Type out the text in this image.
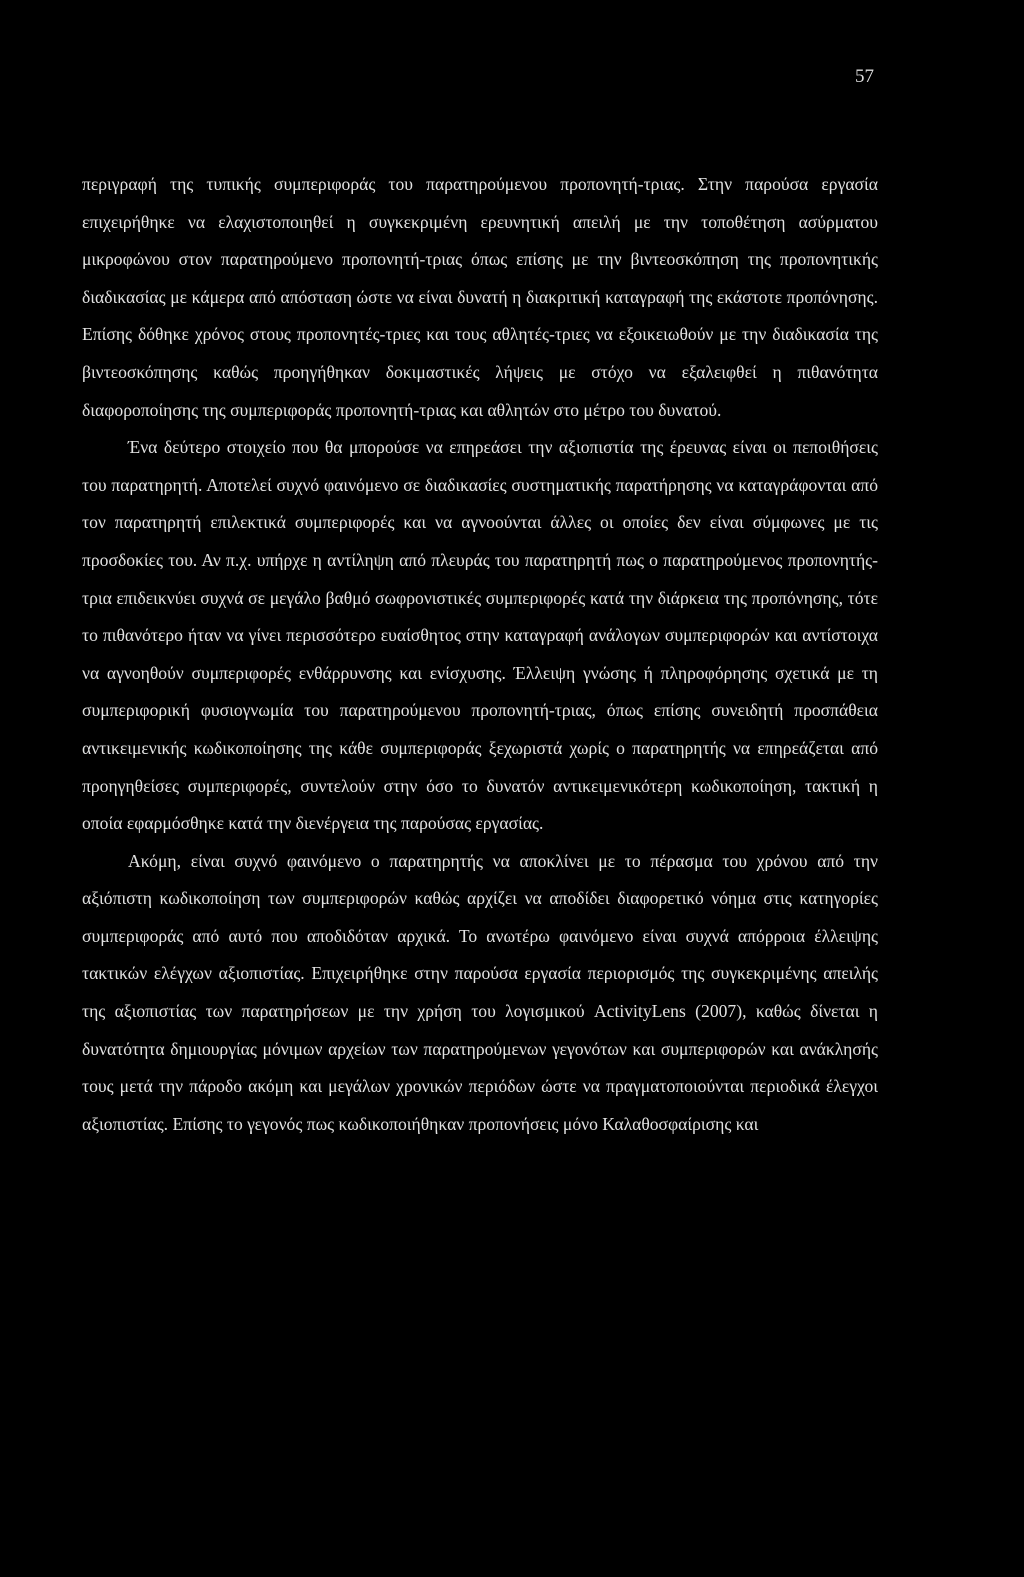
57

περιγραφή της τυπικής συμπεριφοράς του παρατηρούμενου προπονητή-τριας. Στην παρούσα εργασία επιχειρήθηκε να ελαχιστοποιηθεί η συγκεκριμένη ερευνητική απειλή με την τοποθέτηση ασύρματου μικροφώνου στον παρατηρούμενο προπονητή-τριας όπως επίσης με την βιντεοσκόπηση της προπονητικής διαδικασίας με κάμερα από απόσταση ώστε να είναι δυνατή η διακριτική καταγραφή της εκάστοτε προπόνησης. Επίσης δόθηκε χρόνος στους προπονητές-τριες και τους αθλητές-τριες να εξοικειωθούν με την διαδικασία της βιντεοσκόπησης καθώς προηγήθηκαν δοκιμαστικές λήψεις με στόχο να εξαλειφθεί η πιθανότητα διαφοροποίησης της συμπεριφοράς προπονητή-τριας και αθλητών στο μέτρο του δυνατού.

Ένα δεύτερο στοιχείο που θα μπορούσε να επηρεάσει την αξιοπιστία της έρευνας είναι οι πεποιθήσεις του παρατηρητή. Αποτελεί συχνό φαινόμενο σε διαδικασίες συστηματικής παρατήρησης να καταγράφονται από τον παρατηρητή επιλεκτικά συμπεριφορές και να αγνοούνται άλλες οι οποίες δεν είναι σύμφωνες με τις προσδοκίες του. Αν π.χ. υπήρχε η αντίληψη από πλευράς του παρατηρητή πως ο παρατηρούμενος προπονητής-τρια επιδεικνύει συχνά σε μεγάλο βαθμό σωφρονιστικές συμπεριφορές κατά την διάρκεια της προπόνησης, τότε το πιθανότερο ήταν να γίνει περισσότερο ευαίσθητος στην καταγραφή ανάλογων συμπεριφορών και αντίστοιχα να αγνοηθούν συμπεριφορές ενθάρρυνσης και ενίσχυσης. Έλλειψη γνώσης ή πληροφόρησης σχετικά με τη συμπεριφορική φυσιογνωμία του παρατηρούμενου προπονητή-τριας, όπως επίσης συνειδητή προσπάθεια αντικειμενικής κωδικοποίησης της κάθε συμπεριφοράς ξεχωριστά χωρίς ο παρατηρητής να επηρεάζεται από προηγηθείσες συμπεριφορές, συντελούν στην όσο το δυνατόν αντικειμενικότερη κωδικοποίηση, τακτική η οποία εφαρμόσθηκε κατά την διενέργεια της παρούσας εργασίας.

Ακόμη, είναι συχνό φαινόμενο ο παρατηρητής να αποκλίνει με το πέρασμα του χρόνου από την αξιόπιστη κωδικοποίηση των συμπεριφορών καθώς αρχίζει να αποδίδει διαφορετικό νόημα στις κατηγορίες συμπεριφοράς από αυτό που αποδιδόταν αρχικά. Το ανωτέρω φαινόμενο είναι συχνά απόρροια έλλειψης τακτικών ελέγχων αξιοπιστίας. Επιχειρήθηκε στην παρούσα εργασία περιορισμός της συγκεκριμένης απειλής της αξιοπιστίας των παρατηρήσεων με την χρήση του λογισμικού ActivityLens (2007), καθώς δίνεται η δυνατότητα δημιουργίας μόνιμων αρχείων των παρατηρούμενων γεγονότων και συμπεριφορών και ανάκλησής τους μετά την πάροδο ακόμη και μεγάλων χρονικών περιόδων ώστε να πραγματοποιούνται περιοδικά έλεγχοι αξιοπιστίας. Επίσης το γεγονός πως κωδικοποιήθηκαν προπονήσεις μόνο Καλαθοσφαίρισης και
